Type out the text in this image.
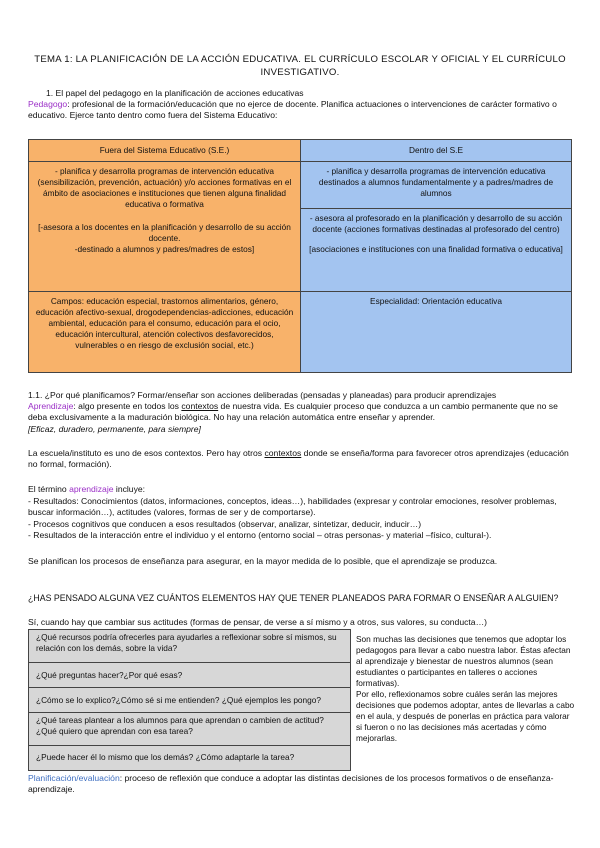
TEMA 1: LA PLANIFICACIÓN DE LA ACCIÓN EDUCATIVA. EL CURRÍCULO ESCOLAR Y OFICIAL Y EL CURRÍCULO INVESTIGATIVO.
1. El papel del pedagogo en la planificación de acciones educativas
Pedagogo: profesional de la formación/educación que no ejerce de docente. Planifica actuaciones o intervenciones de carácter formativo o educativo. Ejerce tanto dentro como fuera del Sistema Educativo:
Fuera del Sistema Educativo (S.E.)	Dentro del S.E
- planifica y desarrolla programas de intervención educativa (sensibilización, prevención, actuación) y/o acciones formativas en el ámbito de asociaciones e instituciones que tienen alguna finalidad educativa o formativa
[-asesora a los docentes en la planificación y desarrollo de su acción docente.
-destinado a alumnos y padres/madres de estos]
- planifica y desarrolla programas de intervención educativa destinados a alumnos fundamentalmente y a padres/madres de alumnos
- asesora al profesorado en la planificación y desarrollo de su acción docente (acciones formativas destinadas al profesorado del centro)
[asociaciones e instituciones con una finalidad formativa o educativa]
Campos: educación especial, trastornos alimentarios, género, educación afectivo-sexual, drogodependencias-adicciones, educación ambiental, educación para el consumo, educación para el ocio, educación intercultural, atención colectivos desfavorecidos, vulnerables o en riesgo de exclusión social, etc.)
Especialidad: Orientación educativa
1.1. ¿Por qué planificamos? Formar/enseñar son acciones deliberadas (pensadas y planeadas) para producir aprendizajes
Aprendizaje: algo presente en todos los contextos de nuestra vida. Es cualquier proceso que conduzca a un cambio permanente que no se deba exclusivamente a la maduración biológica. No hay una relación automática entre enseñar y aprender.
[Eficaz, duradero, permanente, para siempre]
La escuela/instituto es uno de esos contextos. Pero hay otros contextos donde se enseña/forma para favorecer otros aprendizajes (educación no formal, formación).
El término aprendizaje incluye:
- Resultados: Conocimientos (datos, informaciones, conceptos, ideas…), habilidades (expresar y controlar emociones, resolver problemas, buscar información…), actitudes (valores, formas de ser y de comportarse).
- Procesos cognitivos que conducen a esos resultados (observar, analizar, sintetizar, deducir, inducir…)
- Resultados de la interacción entre el individuo y el entorno (entorno social – otras personas- y material –físico, cultural-).
Se planifican los procesos de enseñanza para asegurar, en la mayor medida de lo posible, que el aprendizaje se produzca.
¿HAS PENSADO ALGUNA VEZ CUÁNTOS ELEMENTOS HAY QUE TENER PLANEADOS PARA FORMAR O ENSEÑAR A ALGUIEN?
Sí, cuando hay que cambiar sus actitudes (formas de pensar, de verse a sí mismo y a otros, sus valores, su conducta…)
¿Qué recursos podría ofrecerles para ayudarles a reflexionar sobre sí mismos, su relación con los demás, sobre la vida?
¿Qué preguntas hacer?¿Por qué esas?
¿Cómo se lo explico?¿Cómo sé si me entienden? ¿Qué ejemplos les pongo?
¿Qué tareas plantear a los alumnos para que aprendan o cambien de actitud?¿Qué quiero que aprendan con esa tarea?
¿Puede hacer él lo mismo que los demás? ¿Cómo adaptarle la tarea?
Son muchas las decisiones que tenemos que adoptar los pedagogos para llevar a cabo nuestra labor. Éstas afectan al aprendizaje y bienestar de nuestros alumnos (sean estudiantes o participantes en talleres o acciones formativas).
Por ello, reflexionamos sobre cuáles serán las mejores decisiones que podemos adoptar, antes de llevarlas a cabo en el aula, y después de ponerlas en práctica para valorar si fueron o no las decisiones más acertadas y cómo mejorarlas.
Planificación/evaluación: proceso de reflexión que conduce a adoptar las distintas decisiones de los procesos formativos o de enseñanza-aprendizaje.
